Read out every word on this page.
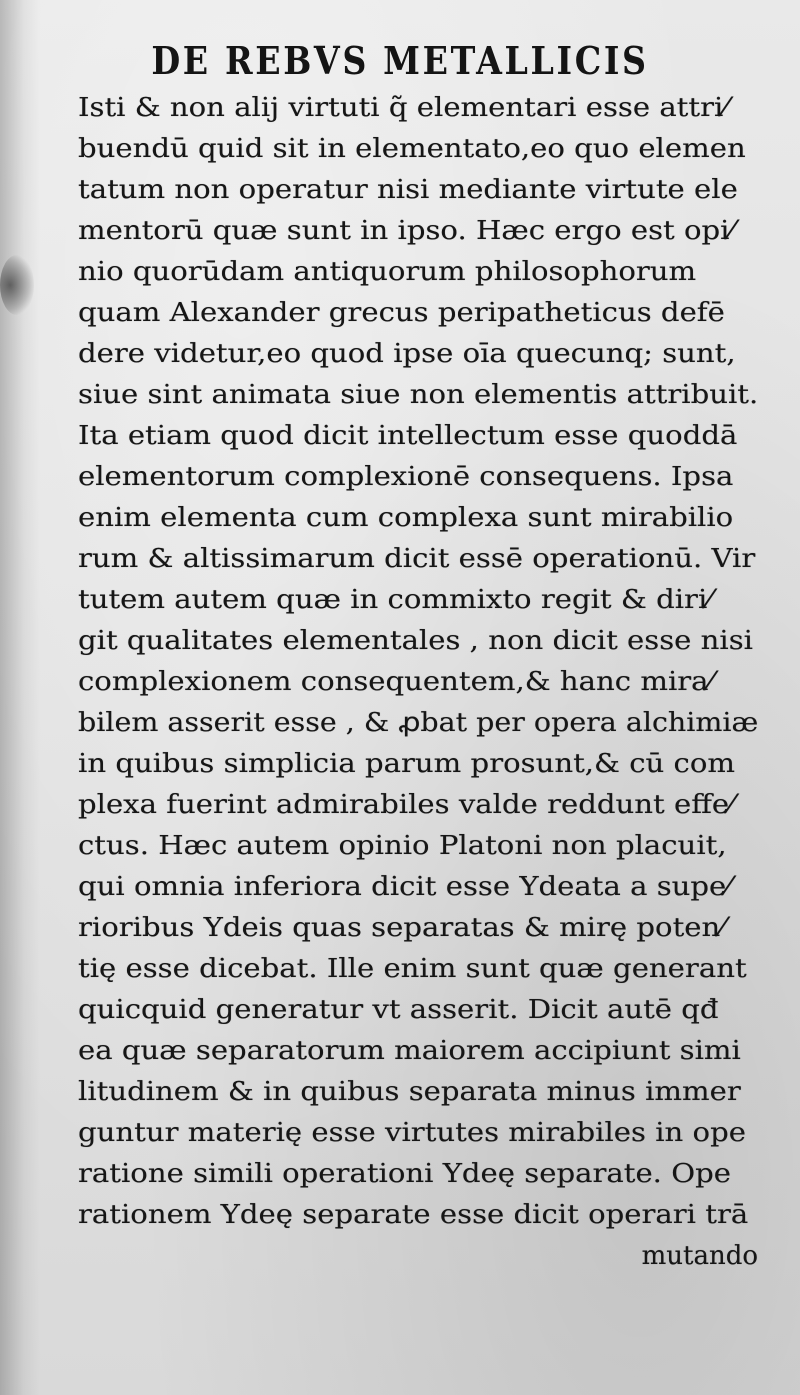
DE REBVS METALLICIS
Isti & non alij virtuti q̃ elementari esse attri⁄
buendū quid sit in elementato,eo quo elemen
tatum non operatur nisi mediante virtute ele
mentorū quæ sunt in ipso. Hæc ergo est opi⁄
nio quorūdam antiquorum philosophorum
quam Alexander grecus peripatheticus defē
dere videtur,eo quod ipse oīa quecunq; sunt,
siue sint animata siue non elementis attribuit.
Ita etiam quod dicit intellectum esse quoddā
elementorum complexionē consequens. Ipsa
enim elementa cum complexa sunt mirabilio
rum & altissimarum dicit essē operationū. Vir
tutem autem quæ in commixto regit & diri⁄
git qualitates elementales , non dicit esse nisi
complexionem consequentem,& hanc mira⁄
bilem asserit esse , & ꝓbat per opera alchimiæ
in quibus simplicia parum prosunt,& cū com
plexa fuerint admirabiles valde reddunt effe⁄
ctus. Hæc autem opinio Platoni non placuit,
qui omnia inferiora dicit esse Ydeata a supe⁄
rioribus Ydeis quas separatas & mirę poten⁄
tię esse dicebat. Ille enim sunt quæ generant
quicquid generatur vt asserit. Dicit autē qđ
ea quæ separatorum maiorem accipiunt simi
litudinem & in quibus separata minus immer
guntur materię esse virtutes mirabiles in ope
ratione simili operationi Ydeę separate. Ope
rationem Ydeę separate esse dicit operari trā
mutando
